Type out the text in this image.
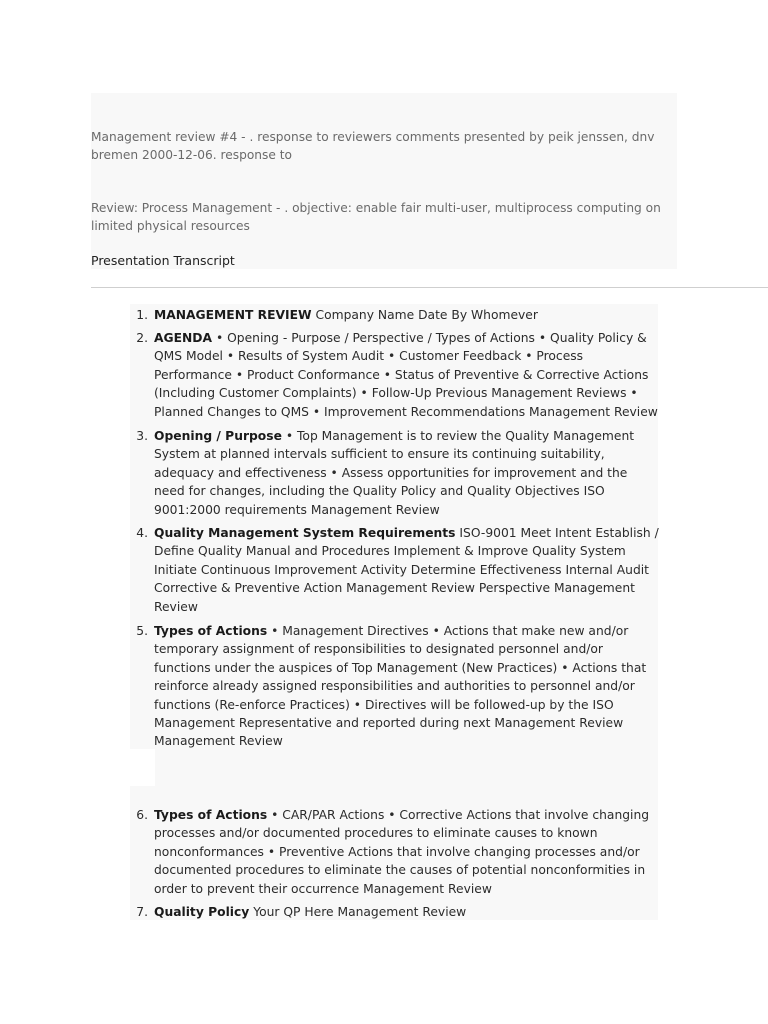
Management review #4 - . response to reviewers comments presented by peik jenssen, dnv bremen 2000-12-06. response to
Review: Process Management - . objective: enable fair multi-user, multiprocess computing on limited physical resources
Presentation Transcript
1. MANAGEMENT REVIEW Company Name Date By Whomever
2. AGENDA • Opening - Purpose / Perspective / Types of Actions • Quality Policy & QMS Model • Results of System Audit • Customer Feedback • Process Performance • Product Conformance • Status of Preventive & Corrective Actions (Including Customer Complaints) • Follow-Up Previous Management Reviews • Planned Changes to QMS • Improvement Recommendations Management Review
3. Opening / Purpose • Top Management is to review the Quality Management System at planned intervals sufficient to ensure its continuing suitability, adequacy and effectiveness • Assess opportunities for improvement and the need for changes, including the Quality Policy and Quality Objectives ISO 9001:2000 requirements Management Review
4. Quality Management System Requirements ISO-9001 Meet Intent Establish / Define Quality Manual and Procedures Implement & Improve Quality System Initiate Continuous Improvement Activity Determine Effectiveness Internal Audit Corrective & Preventive Action Management Review Perspective Management Review
5. Types of Actions • Management Directives • Actions that make new and/or temporary assignment of responsibilities to designated personnel and/or functions under the auspices of Top Management (New Practices) • Actions that reinforce already assigned responsibilities and authorities to personnel and/or functions (Re-enforce Practices) • Directives will be followed-up by the ISO Management Representative and reported during next Management Review Management Review
6. Types of Actions • CAR/PAR Actions • Corrective Actions that involve changing processes and/or documented procedures to eliminate causes to known nonconformances • Preventive Actions that involve changing processes and/or documented procedures to eliminate the causes of potential nonconformities in order to prevent their occurrence Management Review
7. Quality Policy Your QP Here Management Review
